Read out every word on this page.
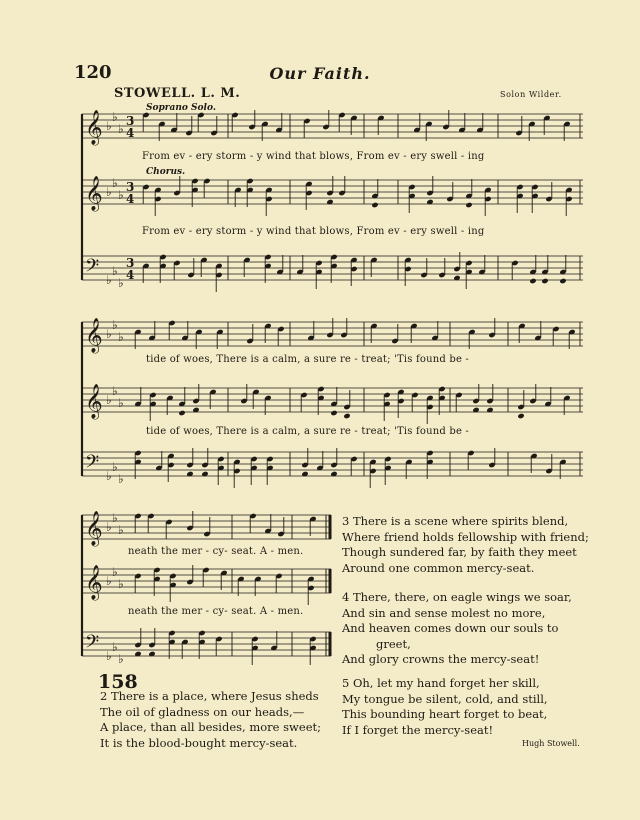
120	Our Faith.
STOWELL. L. M.	Solon Wilder.
𝄞 ♭
♭
♭
3
4
𝄞 ♭
♭
♭
3
4
𝄢 ♭
♭
♭
3
4
𝄞 ♭
♭
♭
𝄞 ♭
♭
♭
𝄢 ♭
♭
♭
𝄞 ♭
♭
♭
𝄞 ♭
♭
♭
𝄢 ♭
♭
♭
Soprano Solo.
Chorus.
From ev - ery storm - y wind that blows, From ev - ery swell - ing
From ev - ery storm - y wind that blows, From ev - ery swell - ing
tide of woes, There is a calm, a sure re - treat; 'Tis found be -
tide of woes, There is a calm, a sure re - treat; 'Tis found be -
neath the mer - cy- seat. A - men.
neath the mer - cy- seat. A - men.
158
2 There is a place, where Jesus sheds
The oil of gladness on our heads,—
A place, than all besides, more sweet;
It is the blood-bought mercy-seat.
3 There is a scene where spirits blend,
Where friend holds fellowship with friend;
Though sundered far, by faith they meet
Around one common mercy-seat.
4 There, there, on eagle wings we soar,
And sin and sense molest no more,
And heaven comes down our souls to
greet,
And glory crowns the mercy-seat!
5 Oh, let my hand forget her skill,
My tongue be silent, cold, and still,
This bounding heart forget to beat,
If I forget the mercy-seat!
Hugh Stowell.
